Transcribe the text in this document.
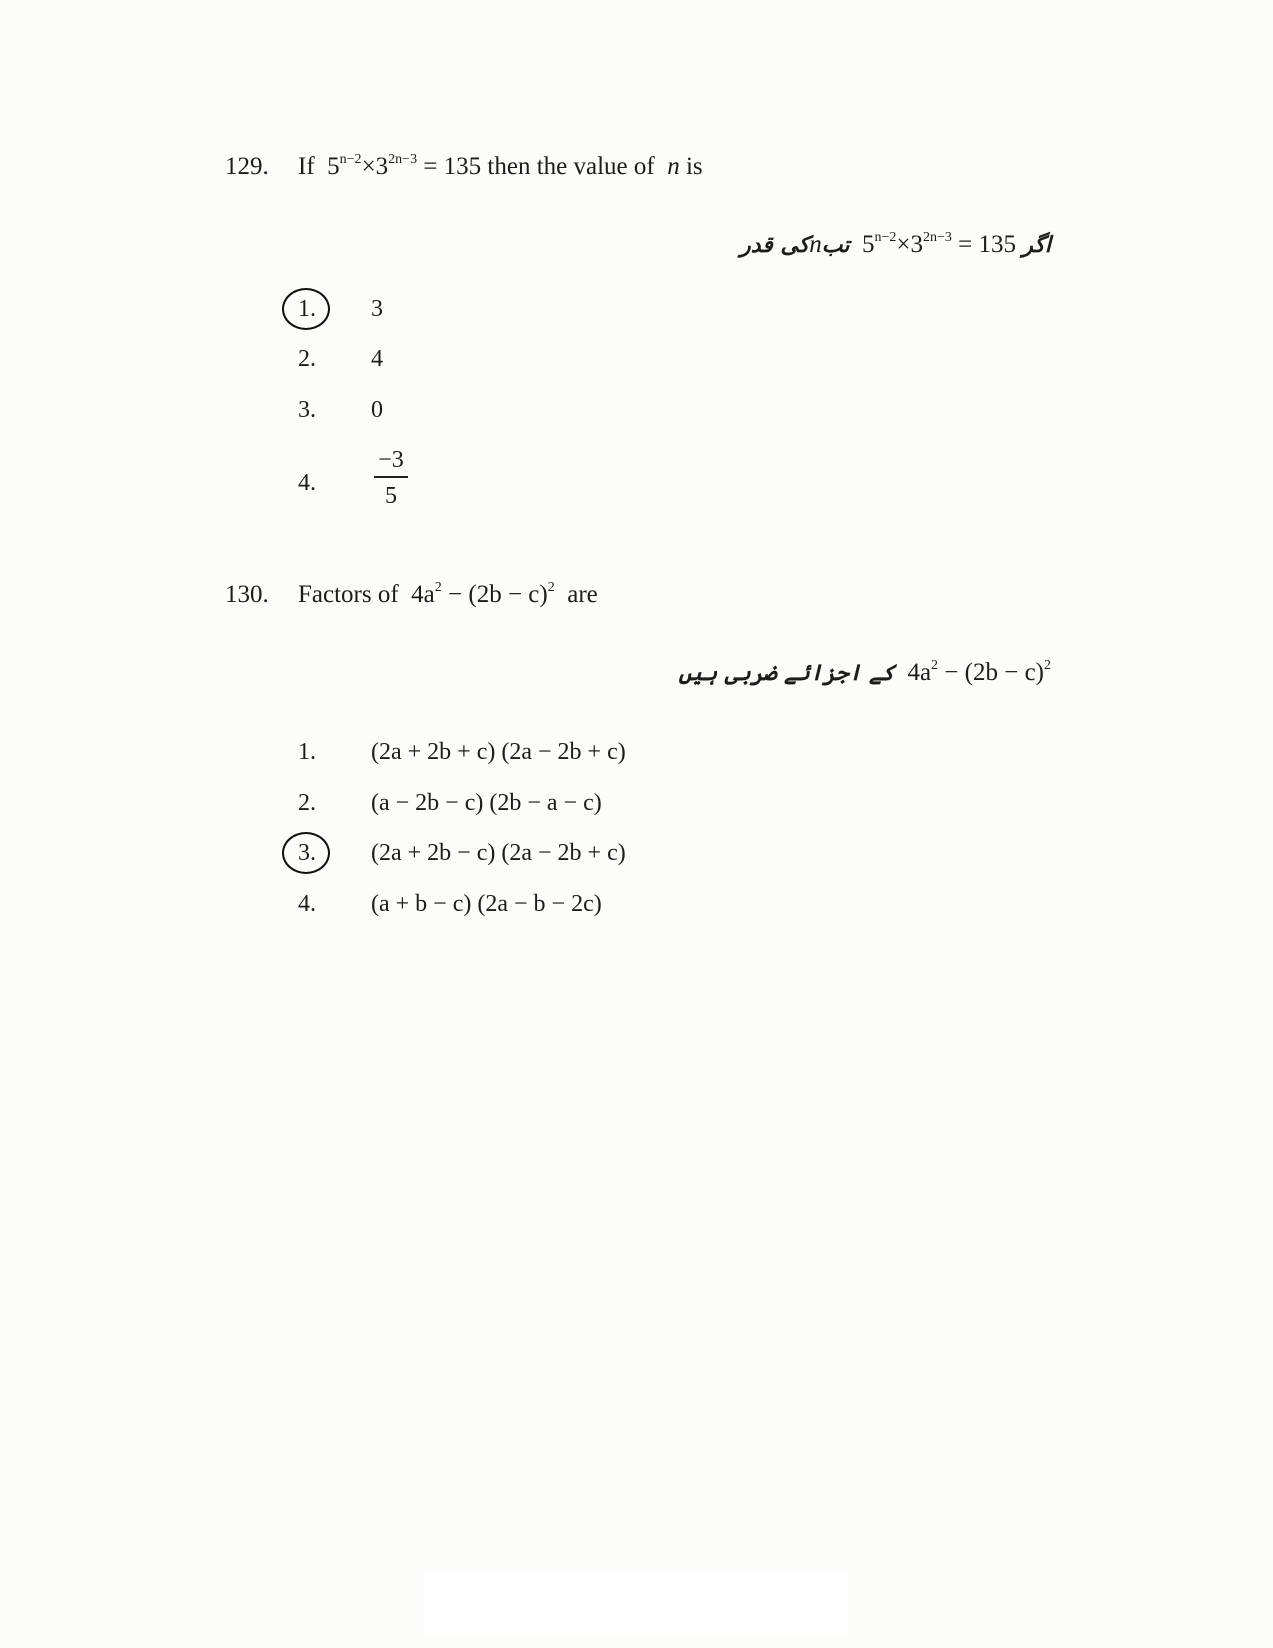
129. If $5^{n-2}\times 3^{2n-3} = 135$ then the value of n is
اگر $5^{n-2}\times 3^{2n-3} = 135$  تبnکی قدر
1.	3
2.	4
3.	0
4.	$\frac{-3}{5}$
130. Factors of $4a^2 - (2b - c)^2$ are
$4a^2 - (2b - c)^2$  کے اجزائے ضربی ہیں
1.	(2a + 2b + c) (2a − 2b + c)
2.	(a − 2b − c) (2b − a − c)
3.	(2a + 2b − c) (2a − 2b + c)
4.	(a + b − c) (2a − b − 2c)
